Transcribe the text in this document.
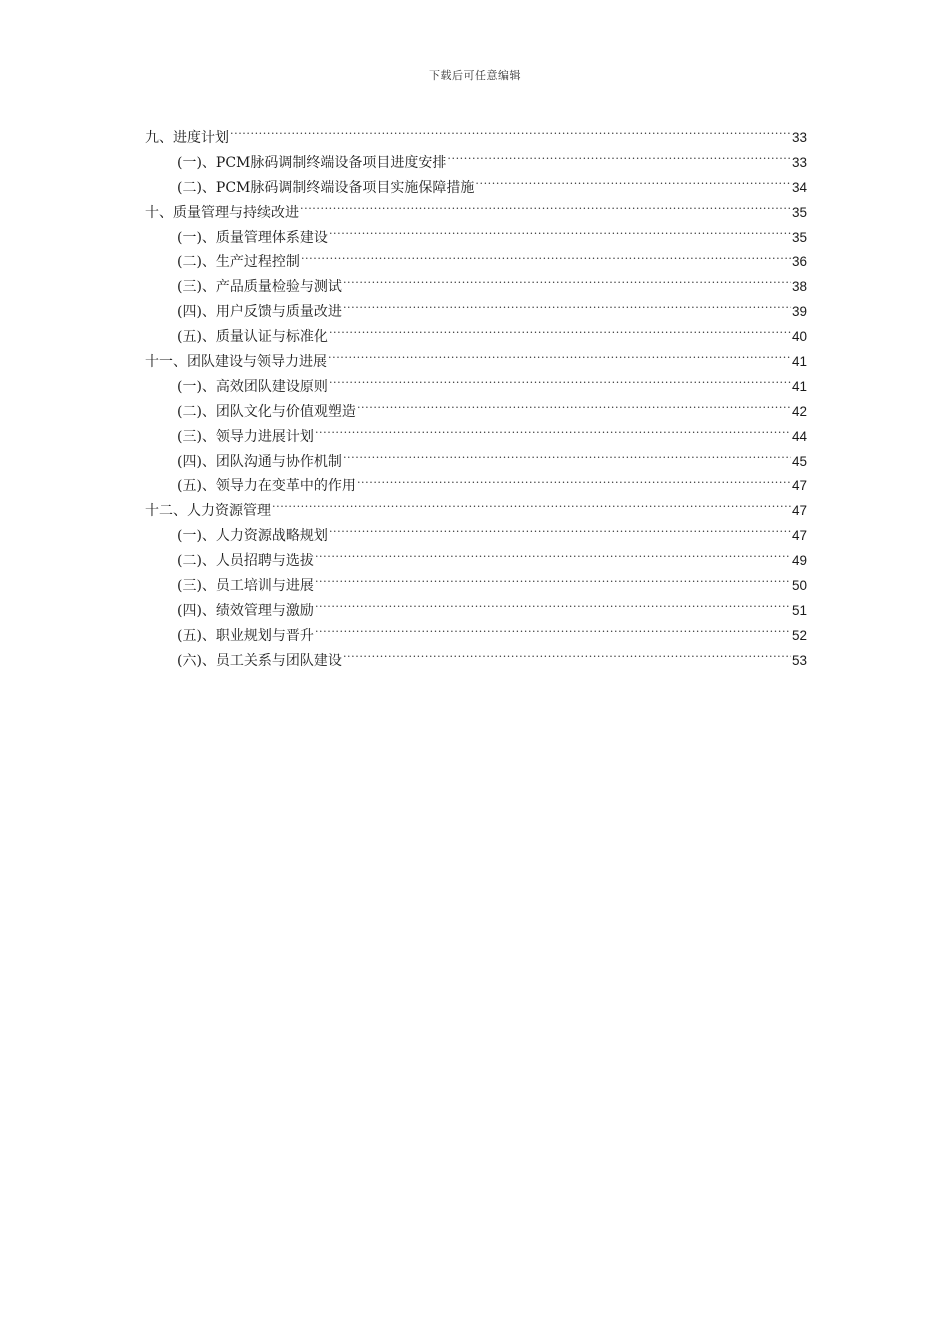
下载后可任意编辑
九、进度计划 .....	33
(一)、PCM脉码调制终端设备项目进度安排 .....	33
(二)、PCM脉码调制终端设备项目实施保障措施 .....	34
十、质量管理与持续改进 .....	35
(一)、质量管理体系建设 .....	35
(二)、生产过程控制 .....	36
(三)、产品质量检验与测试 .....	38
(四)、用户反馈与质量改进 .....	39
(五)、质量认证与标准化 .....	40
十一、团队建设与领导力进展 .....	41
(一)、高效团队建设原则 .....	41
(二)、团队文化与价值观塑造 .....	42
(三)、领导力进展计划 .....	44
(四)、团队沟通与协作机制 .....	45
(五)、领导力在变革中的作用 .....	47
十二、人力资源管理 .....	47
(一)、人力资源战略规划 .....	47
(二)、人员招聘与选拔 .....	49
(三)、员工培训与进展 .....	50
(四)、绩效管理与激励 .....	51
(五)、职业规划与晋升 .....	52
(六)、员工关系与团队建设 .....	53
